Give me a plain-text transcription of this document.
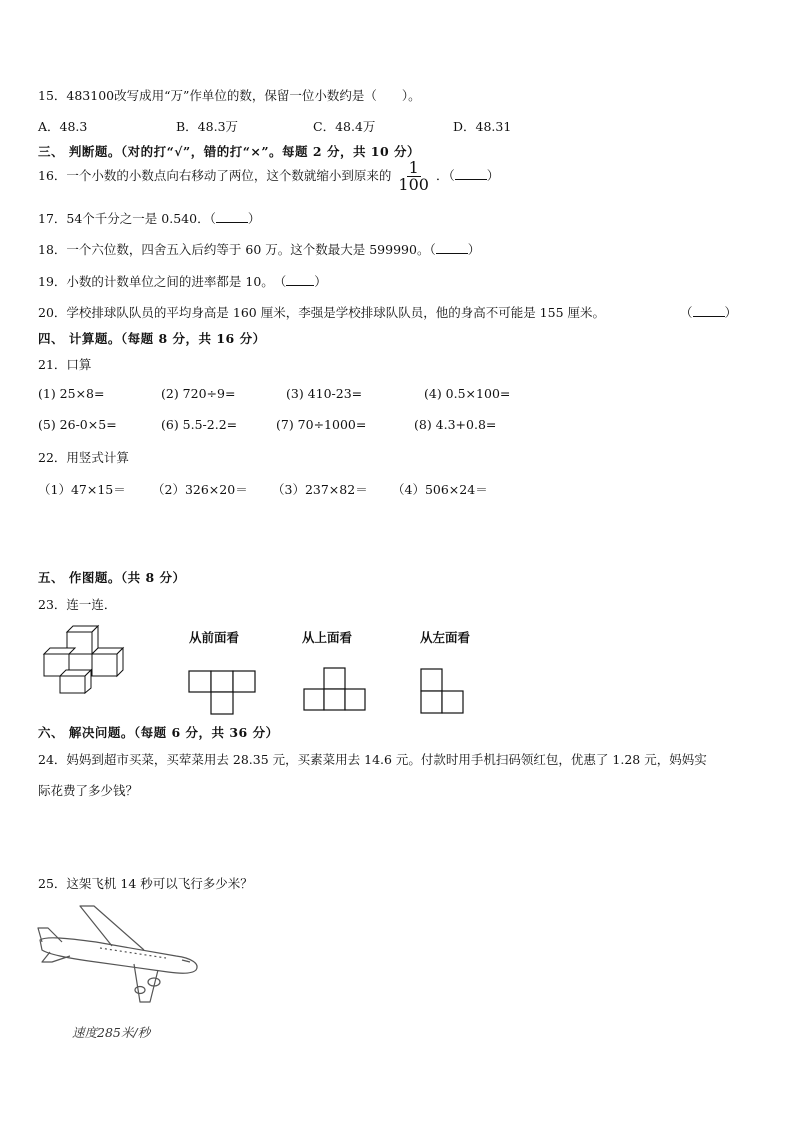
15．483100改写成用“万”作单位的数，保留一位小数约是（　　）。
A．48.3	B．48.3万	C．48.4万	D．48.31
三、 判断题。（对的打“√”，错的打“×”。每题 2 分，共 10 分）
16．一个小数的小数点向右移动了两位，这个数就缩小到原来的 $\frac{1}{100}$ ．（	）
17．54个千分之一是 0.540．（	）
18．一个六位数，四舍五入后约等于 60 万。这个数最大是 599990。（	）
19．小数的计数单位之间的进率都是 10。　（ ）
20．学校排球队队员的平均身高是 160 厘米，李强是学校排球队队员，他的身高不可能是 155 厘米。	（	）
四、 计算题。（每题 8 分，共 16 分）
21．口算
(1) 25×8=	(2) 720÷9=	(3) 410-23=	(4) 0.5×100=
(5) 26-0×5=	(6) 5.5-2.2=	(7) 70÷1000=	(8) 4.3+0.8=
22．用竖式计算
（1）47×15＝ （2）326×20＝ （3）237×82＝ （4）506×24＝
五、 作图题。（共 8 分）
23．连一连．
从前面看	从上面看	从左面看
六、 解决问题。（每题 6 分，共 36 分）
24．妈妈到超市买菜，买荤菜用去 28.35 元，买素菜用去 14.6 元。付款时用手机扫码领红包，优惠了 1.28 元，妈妈实
际花费了多少钱？
25．这架飞机 14 秒可以飞行多少米？
速度285米/秒
